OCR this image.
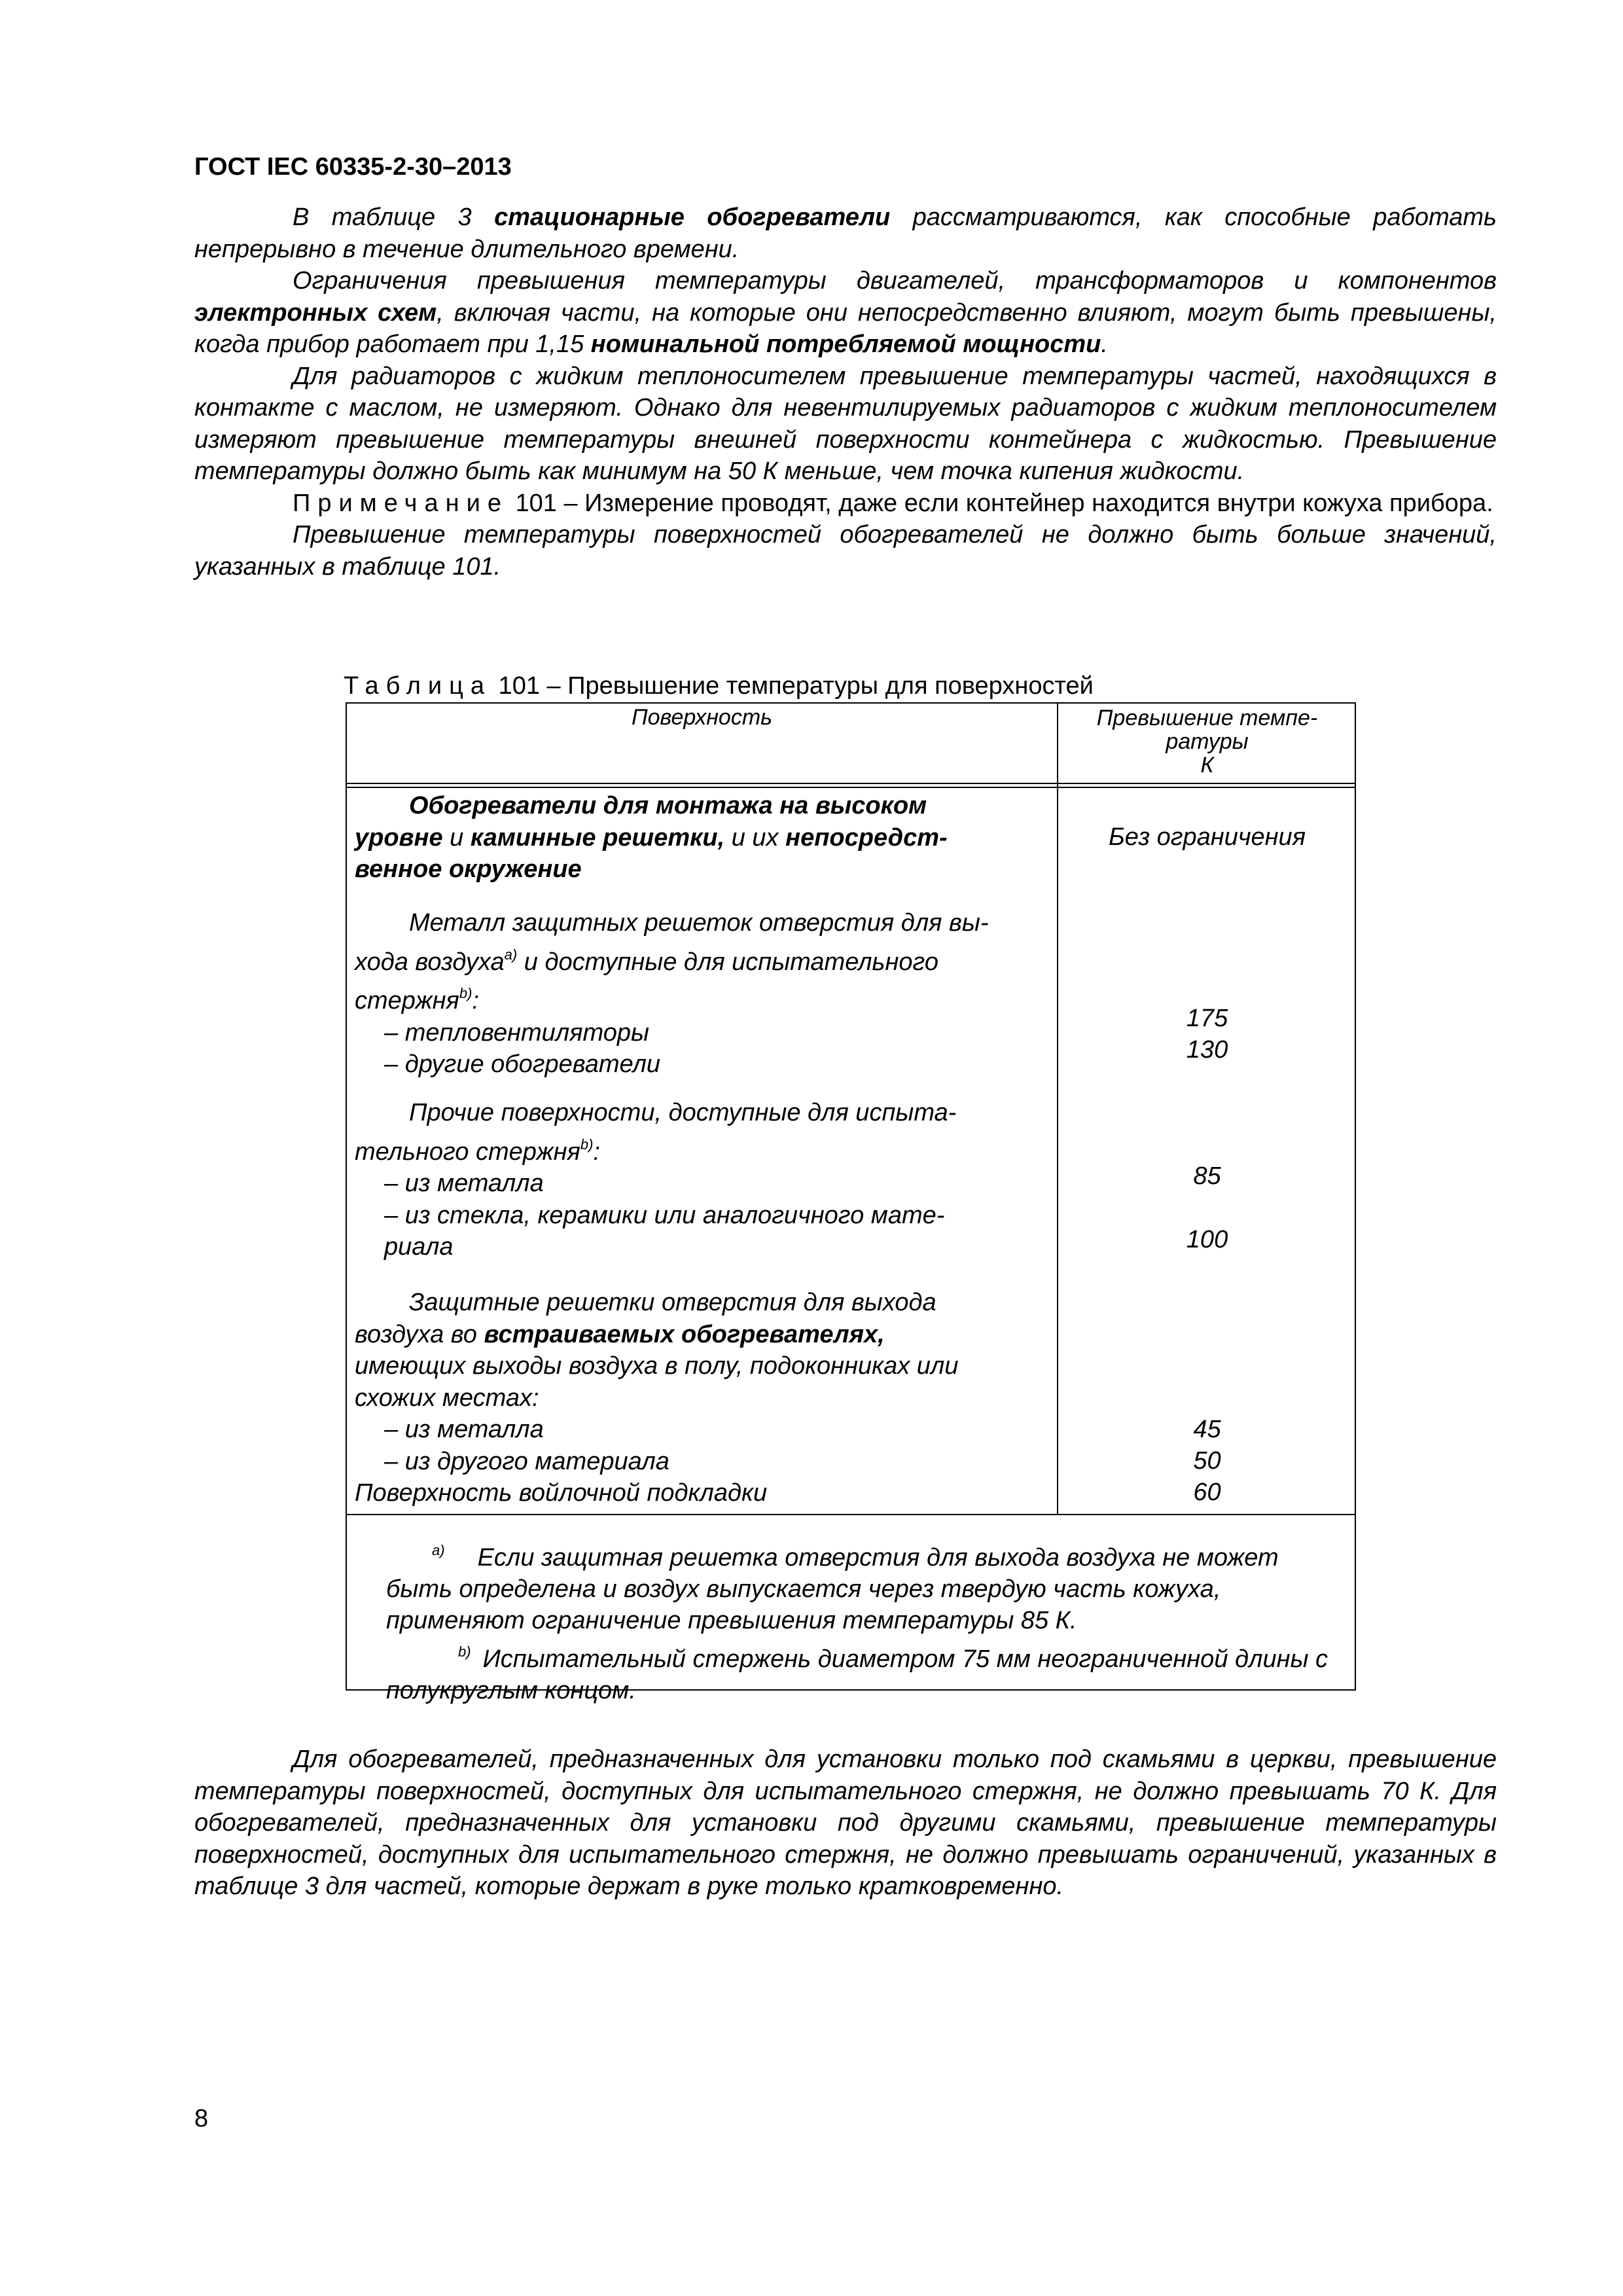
ГОСТ IEC 60335-2-30–2013

В таблице 3 стационарные обогреватели рассматриваются, как способные работать непрерывно в течение длительного времени.

Ограничения превышения температуры двигателей, трансформаторов и компонентов электронных схем, включая части, на которые они непосредственно влияют, могут быть превышены, когда прибор работает при 1,15 номинальной потребляемой мощности.

Для радиаторов с жидким теплоносителем превышение температуры частей, находящихся в контакте с маслом, не измеряют. Однако для невентилируемых радиаторов с жидким теплоносителем измеряют превышение температуры внешней поверхности контейнера с жидкостью. Превышение температуры должно быть как минимум на 50 К меньше, чем точка кипения жидкости.

Примечание 101 – Измерение проводят, даже если контейнер находится внутри кожуха прибора.

Превышение температуры поверхностей обогревателей не должно быть больше значений, указанных в таблице 101.

Таблица 101 – Превышение температуры для поверхностей
Поверхность	Превышение темпе-
ратуры
К
Обогреватели для монтажа на высоком
уровне и каминные решетки, и их непосредст-
венное окружение
Без ограничения
Металл защитных решеток отверстия для вы-
хода воздуха$^{a)}$ и доступные для испытательного
стержня$^{b)}$:
– тепловентиляторы
– другие обогреватели
175
130
Прочие поверхности, доступные для испыта-
тельного стержня$^{b)}$:
– из металла
– из стекла, керамики или аналогичного мате-
риала
85
100
Защитные решетки отверстия для выхода
воздуха во встраиваемых обогревателях,
имеющих выходы воздуха в полу, подоконниках или
схожих местах:
– из металла
– из другого материала
Поверхность войлочной подкладки
45
50
60

$^{a)}$ Если защитная решетка отверстия для выхода воздуха не может быть определена и воздух выпускается через твердую часть кожуха, применяют ограничение превышения температуры 85 К.

$^{b)}$ Испытательный стержень диаметром 75 мм неограниченной длины с полукруглым концом.

Для обогревателей, предназначенных для установки только под скамьями в церкви, превышение температуры поверхностей, доступных для испытательного стержня, не должно превышать 70 К. Для обогревателей, предназначенных для установки под другими скамьями, превышение температуры поверхностей, доступных для испытательного стержня, не должно превышать ограничений, указанных в таблице 3 для частей, которые держат в руке только кратковременно.
8
